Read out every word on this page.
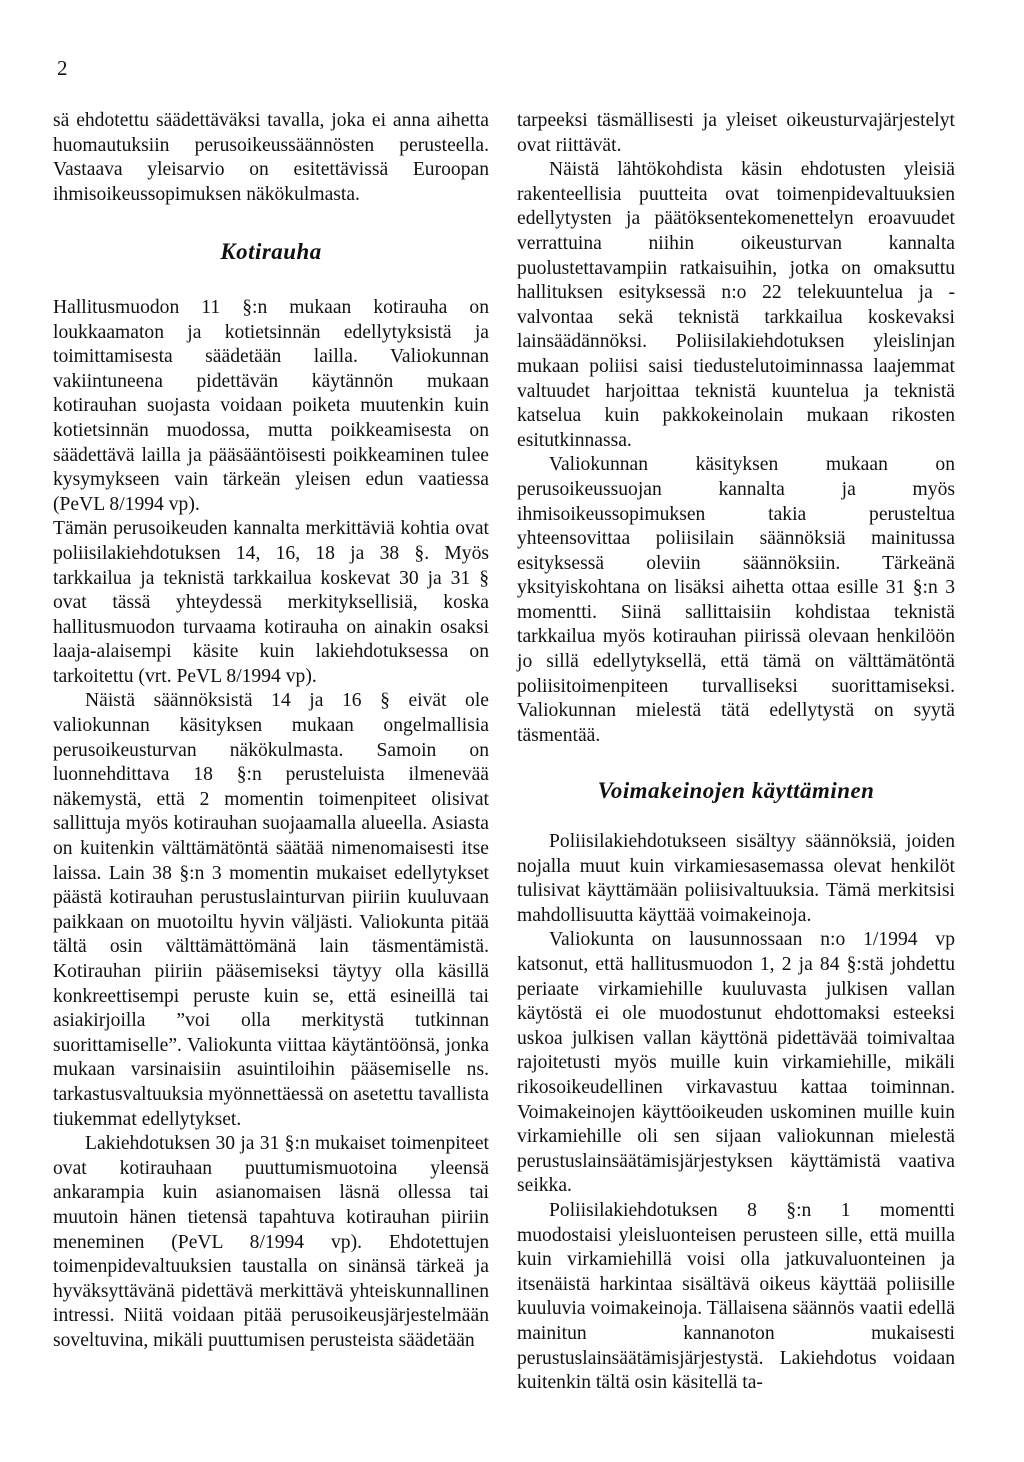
2

sä ehdotettu säädettäväksi tavalla, joka ei anna aihetta huomautuksiin perusoikeussäännösten perusteella. Vastaava yleisarvio on esitettävissä Euroopan ihmisoikeussopimuksen näkökulmasta.

Kotirauha

Hallitusmuodon 11 §:n mukaan kotirauha on loukkaamaton ja kotietsinnän edellytyksistä ja toimittamisesta säädetään lailla. Valiokunnan vakiintuneena pidettävän käytännön mukaan kotirauhan suojasta voidaan poiketa muutenkin kuin kotietsinnän muodossa, mutta poikkeamisesta on säädettävä lailla ja pääsääntöisesti poikkeaminen tulee kysymykseen vain tärkeän yleisen edun vaatiessa (PeVL 8/1994 vp).

Tämän perusoikeuden kannalta merkittäviä kohtia ovat poliisilakiehdotuksen 14, 16, 18 ja 38 §. Myös tarkkailua ja teknistä tarkkailua koskevat 30 ja 31 § ovat tässä yhteydessä merkityksellisiä, koska hallitusmuodon turvaama kotirauha on ainakin osaksi laaja-alaisempi käsite kuin lakiehdotuksessa on tarkoitettu (vrt. PeVL 8/1994 vp).

Näistä säännöksistä 14 ja 16 § eivät ole valiokunnan käsityksen mukaan ongelmallisia perusoikeusturvan näkökulmasta. Samoin on luonnehdittava 18 §:n perusteluista ilmenevää näkemystä, että 2 momentin toimenpiteet olisivat sallittuja myös kotirauhan suojaamalla alueella. Asiasta on kuitenkin välttämätöntä säätää nimenomaisesti itse laissa. Lain 38 §:n 3 momentin mukaiset edellytykset päästä kotirauhan perustuslainturvan piiriin kuuluvaan paikkaan on muotoiltu hyvin väljästi. Valiokunta pitää tältä osin välttämättömänä lain täsmentämistä. Kotirauhan piiriin pääsemiseksi täytyy olla käsillä konkreettisempi peruste kuin se, että esineillä tai asiakirjoilla ”voi olla merkitystä tutkinnan suorittamiselle”. Valiokunta viittaa käytäntöönsä, jonka mukaan varsinaisiin asuintiloihin pääsemiselle ns. tarkastusvaltuuksia myönnettäessä on asetettu tavallista tiukemmat edellytykset.

Lakiehdotuksen 30 ja 31 §:n mukaiset toimenpiteet ovat kotirauhaan puuttumismuotoina yleensä ankarampia kuin asianomaisen läsnä ollessa tai muutoin hänen tietensä tapahtuva kotirauhan piiriin meneminen (PeVL 8/1994 vp). Ehdotettujen toimenpidevaltuuksien taustalla on sinänsä tärkeä ja hyväksyttävänä pidettävä merkittävä yhteiskunnallinen intressi. Niitä voidaan pitää perusoikeusjärjestelmään soveltuvina, mikäli puuttumisen perusteista säädetään

tarpeeksi täsmällisesti ja yleiset oikeusturvajärjestelyt ovat riittävät.

Näistä lähtökohdista käsin ehdotusten yleisiä rakenteellisia puutteita ovat toimenpidevaltuuksien edellytysten ja päätöksentekomenettelyn eroavuudet verrattuina niihin oikeusturvan kannalta puolustettavampiin ratkaisuihin, jotka on omaksuttu hallituksen esityksessä n:o 22 telekuuntelua ja -valvontaa sekä teknistä tarkkailua koskevaksi lainsäädännöksi. Poliisilakiehdotuksen yleislinjan mukaan poliisi saisi tiedustelutoiminnassa laajemmat valtuudet harjoittaa teknistä kuuntelua ja teknistä katselua kuin pakkokeinolain mukaan rikosten esitutkinnassa.

Valiokunnan käsityksen mukaan on perusoikeussuojan kannalta ja myös ihmisoikeussopimuksen takia perusteltua yhteensovittaa poliisilain säännöksiä mainitussa esityksessä oleviin säännöksiin. Tärkeänä yksityiskohtana on lisäksi aihetta ottaa esille 31 §:n 3 momentti. Siinä sallittaisiin kohdistaa teknistä tarkkailua myös kotirauhan piirissä olevaan henkilöön jo sillä edellytyksellä, että tämä on välttämätöntä poliisitoimenpiteen turvalliseksi suorittamiseksi. Valiokunnan mielestä tätä edellytystä on syytä täsmentää.

Voimakeinojen käyttäminen

Poliisilakiehdotukseen sisältyy säännöksiä, joiden nojalla muut kuin virkamiesasemassa olevat henkilöt tulisivat käyttämään poliisivaltuuksia. Tämä merkitsisi mahdollisuutta käyttää voimakeinoja.

Valiokunta on lausunnossaan n:o 1/1994 vp katsonut, että hallitusmuodon 1, 2 ja 84 §:stä johdettu periaate virkamiehille kuuluvasta julkisen vallan käytöstä ei ole muodostunut ehdottomaksi esteeksi uskoa julkisen vallan käyttönä pidettävää toimivaltaa rajoitetusti myös muille kuin virkamiehille, mikäli rikosoikeudellinen virkavastuu kattaa toiminnan. Voimakeinojen käyttöoikeuden uskominen muille kuin virkamiehille oli sen sijaan valiokunnan mielestä perustuslainsäätämisjärjestyksen käyttämistä vaativa seikka.

Poliisilakiehdotuksen 8 §:n 1 momentti muodostaisi yleisluonteisen perusteen sille, että muilla kuin virkamiehillä voisi olla jatkuvaluonteinen ja itsenäistä harkintaa sisältävä oikeus käyttää poliisille kuuluvia voimakeinoja. Tällaisena säännös vaatii edellä mainitun kannanoton mukaisesti perustuslainsäätämisjärjestystä. Lakiehdotus voidaan kuitenkin tältä osin käsitellä ta-
